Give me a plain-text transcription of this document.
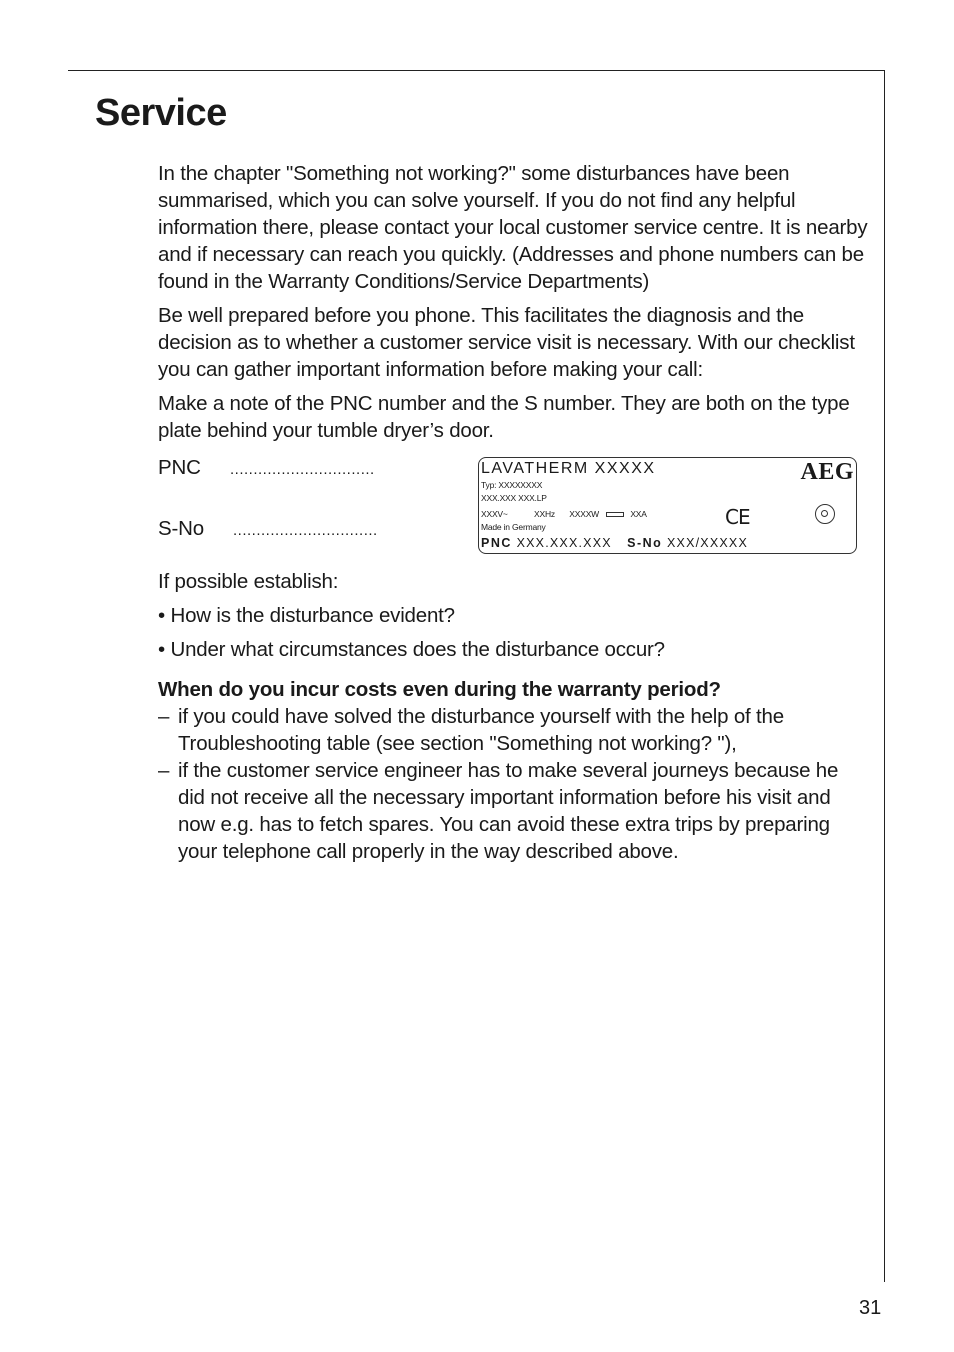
Service

In the chapter "Something not working?" some disturbances have been summarised, which you can solve yourself. If you do not find any helpful information there, please contact your local customer service centre. It is nearby and if necessary can reach you quickly. (Addresses and phone numbers can be found in the Warranty Conditions/Service Departments)

Be well prepared before you phone. This facilitates the diagnosis and the decision as to whether a customer service visit is necessary. With our checklist you can gather important information before making your call:

Make a note of the PNC number and the S number. They are both on the type plate behind your tumble dryer’s door.

PNC ...............................
S-No ...............................
LAVATHERM XXXXX	AEG
Typ: XXXXXXXX
XXX.XXX XXX.LP
XXXV~	XXHz XXXXW	XXA
Made in Germany	CE
PNC XXX.XXX.XXX S-No XXX/XXXXX

If possible establish:

• How is the disturbance evident?
• Under what circumstances does the disturbance occur?

When do you incur costs even during the warranty period?

– if you could have solved the disturbance yourself with the help of the Troubleshooting table (see section "Something not working? "),
– if the customer service engineer has to make several journeys because he did not receive all the necessary important information before his visit and now e.g. has to fetch spares. You can avoid these extra trips by preparing your telephone call properly in the way described above.
31
